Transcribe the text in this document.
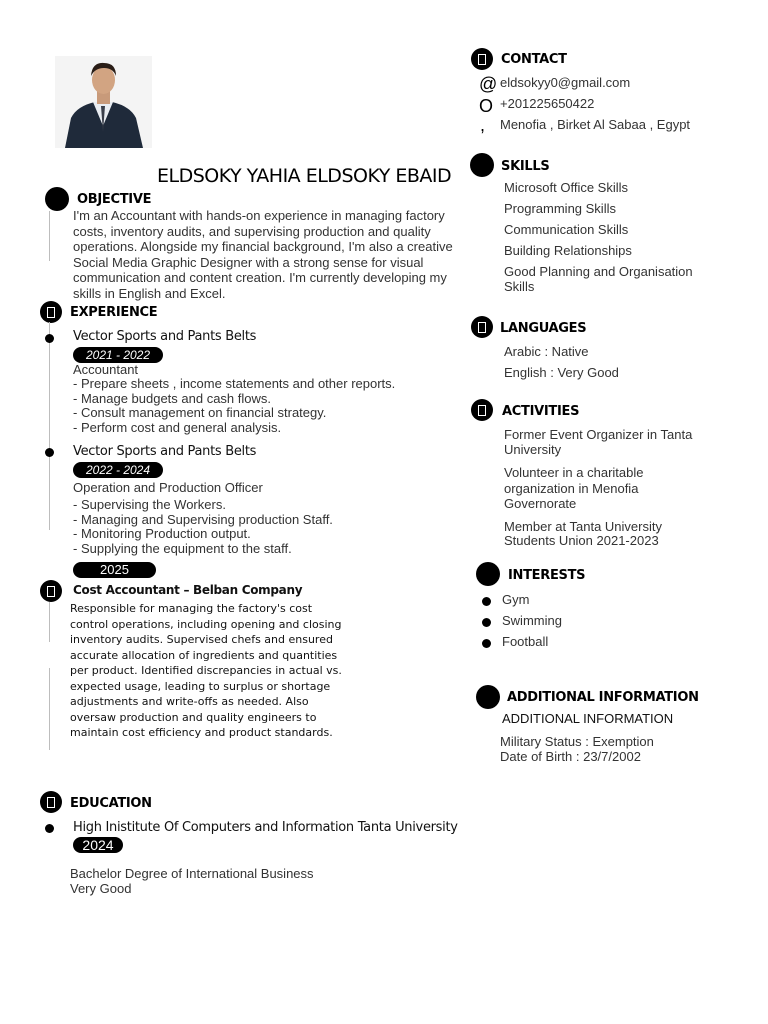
ELDSOKY YAHIA ELDSOKY EBAID
OBJECTIVE
I'm an Accountant with hands-on experience in managing factory
costs, inventory audits, and supervising production and quality
operations. Alongside my financial background, I'm also a creative
Social Media Graphic Designer with a strong sense for visual
communication and content creation. I'm currently developing my
skills in English and Excel.
EXPERIENCE
Vector Sports and Pants Belts
2021 - 2022
Accountant
- Prepare sheets , income statements and other reports.
- Manage budgets and cash flows.
- Consult management on financial strategy.
- Perform cost and general analysis.
Vector Sports and Pants Belts
2022 - 2024
Operation and Production Officer
- Supervising the Workers.
- Managing and Supervising production Staff.
- Monitoring Production output.
- Supplying the equipment to the staff.
2025
Cost Accountant – Belban Company
Responsible for managing the factory's cost
control operations, including opening and closing
inventory audits. Supervised chefs and ensured
accurate allocation of ingredients and quantities
per product. Identified discrepancies in actual vs.
expected usage, leading to surplus or shortage
adjustments and write-offs as needed. Also
oversaw production and quality engineers to
maintain cost efficiency and product standards.
EDUCATION
High Inistitute Of Computers and Information Tanta University
2024
Bachelor Degree of International Business
Very Good
CONTACT
@ eldsokyy0@gmail.com
O +201225650422
, Menofia , Birket Al Sabaa , Egypt
SKILLS
Microsoft Office Skills
Programming Skills
Communication Skills
Building Relationships
Good Planning and Organisation
Skills
LANGUAGES
Arabic : Native
English : Very Good
ACTIVITIES
Former Event Organizer in Tanta
University
Volunteer in a charitable
organization in Menofia
Governorate
Member at Tanta University
Students Union 2021-2023
INTERESTS
Gym
Swimming
Football
ADDITIONAL INFORMATION
ADDITIONAL INFORMATION
Military Status : Exemption
Date of Birth : 23/7/2002
